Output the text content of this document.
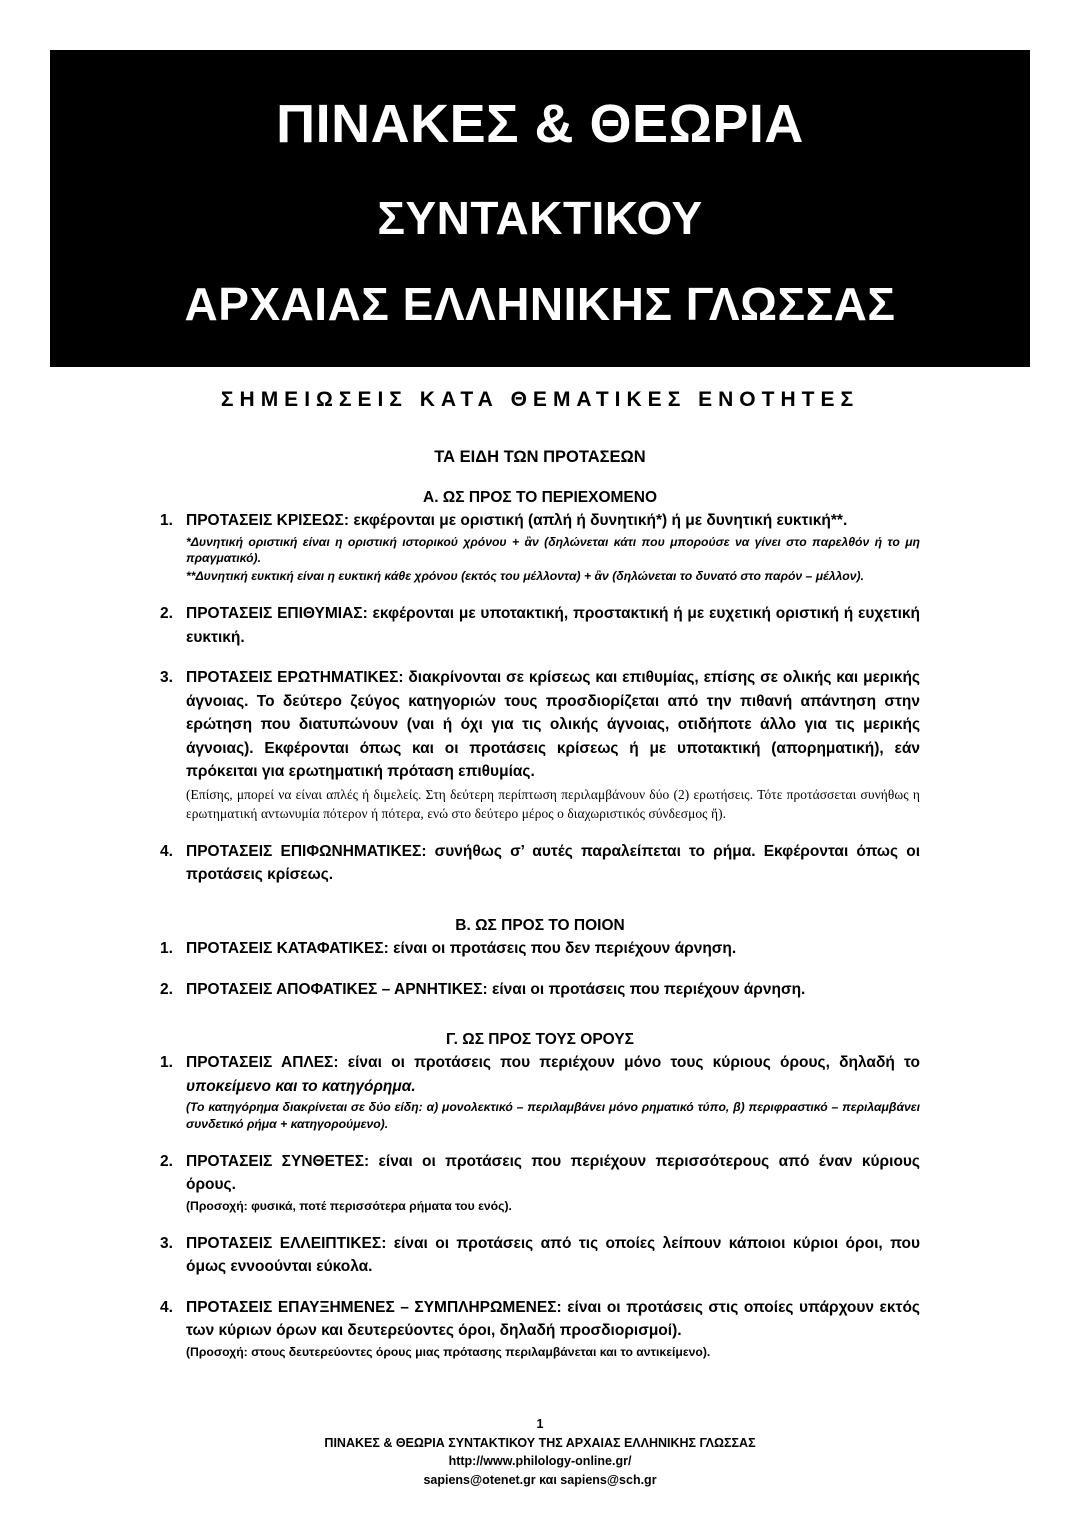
ΠΙΝΑΚΕΣ & ΘΕΩΡΙΑ
ΣΥΝΤΑΚΤΙΚΟΥ
ΑΡΧΑΙΑΣ ΕΛΛΗΝΙΚΗΣ ΓΛΩΣΣΑΣ
ΣΗΜΕΙΩΣΕΙΣ ΚΑΤΑ ΘΕΜΑΤΙΚΕΣ ΕΝΟΤΗΤΕΣ
ΤΑ ΕΙΔΗ ΤΩΝ ΠΡΟΤΑΣΕΩΝ
Α. ΩΣ ΠΡΟΣ ΤΟ ΠΕΡΙΕΧΟΜΕΝΟ
1. ΠΡΟΤΑΣΕΙΣ ΚΡΙΣΕΩΣ: εκφέρονται με οριστική (απλή ή δυνητική*) ή με δυνητική ευκτική**.
*Δυνητική οριστική είναι η οριστική ιστορικού χρόνου + ἂν (δηλώνεται κάτι που μπορούσε να γίνει στο παρελθόν ή το μη πραγματικό).
**Δυνητική ευκτική είναι η ευκτική κάθε χρόνου (εκτός του μέλλοντα) + ἂν (δηλώνεται το δυνατό στο παρόν – μέλλον).
2. ΠΡΟΤΑΣΕΙΣ ΕΠΙΘΥΜΙΑΣ: εκφέρονται με υποτακτική, προστακτική ή με ευχετική οριστική ή ευχετική ευκτική.
3. ΠΡΟΤΑΣΕΙΣ ΕΡΩΤΗΜΑΤΙΚΕΣ: διακρίνονται σε κρίσεως και επιθυμίας, επίσης σε ολικής και μερικής άγνοιας. Το δεύτερο ζεύγος κατηγοριών τους προσδιορίζεται από την πιθανή απάντηση στην ερώτηση που διατυπώνουν (ναι ή όχι για τις ολικής άγνοιας, οτιδήποτε άλλο για τις μερικής άγνοιας). Εκφέρονται όπως και οι προτάσεις κρίσεως ή με υποτακτική (απορηματική), εάν πρόκειται για ερωτηματική πρόταση επιθυμίας.
(Επίσης, μπορεί να είναι απλές ή διμελείς. Στη δεύτερη περίπτωση περιλαμβάνουν δύο (2) ερωτήσεις. Τότε προτάσσεται συνήθως η ερωτηματική αντωνυμία πότερον ή πότερα, ενώ στο δεύτερο μέρος ο διαχωριστικός σύνδεσμος ἤ).
4. ΠΡΟΤΑΣΕΙΣ ΕΠΙΦΩΝΗΜΑΤΙΚΕΣ: συνήθως σ’ αυτές παραλείπεται το ρήμα. Εκφέρονται όπως οι προτάσεις κρίσεως.
Β. ΩΣ ΠΡΟΣ ΤΟ ΠΟΙΟΝ
1. ΠΡΟΤΑΣΕΙΣ ΚΑΤΑΦΑΤΙΚΕΣ: είναι οι προτάσεις που δεν περιέχουν άρνηση.
2. ΠΡΟΤΑΣΕΙΣ ΑΠΟΦΑΤΙΚΕΣ – ΑΡΝΗΤΙΚΕΣ: είναι οι προτάσεις που περιέχουν άρνηση.
Γ. ΩΣ ΠΡΟΣ ΤΟΥΣ ΟΡΟΥΣ
1. ΠΡΟΤΑΣΕΙΣ ΑΠΛΕΣ: είναι οι προτάσεις που περιέχουν μόνο τους κύριους όρους, δηλαδή το υποκείμενο και το κατηγόρημα.
(Το κατηγόρημα διακρίνεται σε δύο είδη: α) μονολεκτικό – περιλαμβάνει μόνο ρηματικό τύπο, β) περιφραστικό – περιλαμβάνει συνδετικό ρήμα + κατηγορούμενο).
2. ΠΡΟΤΑΣΕΙΣ ΣΥΝΘΕΤΕΣ: είναι οι προτάσεις που περιέχουν περισσότερους από έναν κύριους όρους.
(Προσοχή: φυσικά, ποτέ περισσότερα ρήματα του ενός).
3. ΠΡΟΤΑΣΕΙΣ ΕΛΛΕΙΠΤΙΚΕΣ: είναι οι προτάσεις από τις οποίες λείπουν κάποιοι κύριοι όροι, που όμως εννοούνται εύκολα.
4. ΠΡΟΤΑΣΕΙΣ ΕΠΑΥΞΗΜΕΝΕΣ – ΣΥΜΠΛΗΡΩΜΕΝΕΣ: είναι οι προτάσεις στις οποίες υπάρχουν εκτός των κύριων όρων και δευτερεύοντες όροι, δηλαδή προσδιορισμοί).
(Προσοχή: στους δευτερεύοντες όρους μιας πρότασης περιλαμβάνεται και το αντικείμενο).
1
ΠΙΝΑΚΕΣ & ΘΕΩΡΙΑ ΣΥΝΤΑΚΤΙΚΟΥ ΤΗΣ ΑΡΧΑΙΑΣ ΕΛΛΗΝΙΚΗΣ ΓΛΩΣΣΑΣ
http://www.philology-online.gr/
sapiens@otenet.gr και sapiens@sch.gr
